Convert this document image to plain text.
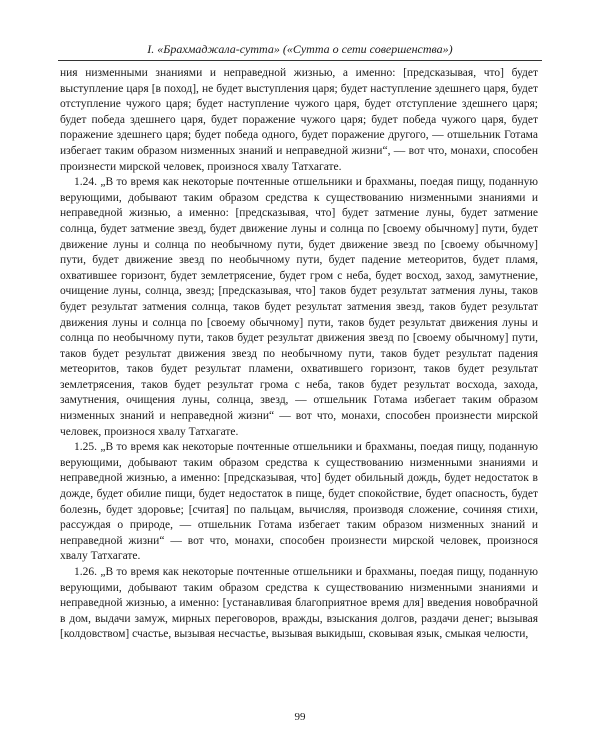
I. «Брахмаджала-сутта» («Сутта о сети совершенства»)

ния низменными знаниями и неправедной жизнью, а именно: [предсказывая, что] будет выступление царя [в поход], не будет выступления царя; будет наступление здешнего царя, будет отступление чужого царя; будет наступление чужого царя, будет отступление здешнего царя; будет победа здешнего царя, будет поражение чужого царя; будет победа чужого царя, будет поражение здешнего царя; будет победа одного, будет поражение другого, — отшельник Готама избегает таким образом низменных знаний и неправедной жизни“, — вот что, монахи, способен произнести мирской человек, произнося хвалу Татхагате.

1.24. „В то время как некоторые почтенные отшельники и брахманы, поедая пищу, поданную верующими, добывают таким образом средства к существованию низменными знаниями и неправедной жизнью, а именно: [предсказывая, что] будет затмение луны, будет затмение солнца, будет затмение звезд, будет движение луны и солнца по [своему обычному] пути, будет движение луны и солнца по необычному пути, будет движение звезд по [своему обычному] пути, будет движение звезд по необычному пути, будет падение метеоритов, будет пламя, охватившее горизонт, будет землетрясение, будет гром с неба, будет восход, заход, замутнение, очищение луны, солнца, звезд; [предсказывая, что] таков будет результат затмения луны, таков будет результат затмения солнца, таков будет результат затмения звезд, таков будет результат движения луны и солнца по [своему обычному] пути, таков будет результат движения луны и солнца по необычному пути, таков будет результат движения звезд по [своему обычному] пути, таков будет результат движения звезд по необычному пути, таков будет результат падения метеоритов, таков будет результат пламени, охватившего горизонт, таков будет результат землетрясения, таков будет результат грома с неба, таков будет результат восхода, захода, замутнения, очищения луны, солнца, звезд, — отшельник Готама избегает таким образом низменных знаний и неправедной жизни“ — вот что, монахи, способен произнести мирской человек, произнося хвалу Татхагате.

1.25. „В то время как некоторые почтенные отшельники и брахманы, поедая пищу, поданную верующими, добывают таким образом средства к существованию низменными знаниями и неправедной жизнью, а именно: [предсказывая, что] будет обильный дождь, будет недостаток в дожде, будет обилие пищи, будет недостаток в пище, будет спокойствие, будет опасность, будет болезнь, будет здоровье; [считая] по пальцам, вычисляя, производя сложение, сочиняя стихи, рассуждая о природе, — отшельник Готама избегает таким образом низменных знаний и неправедной жизни“ — вот что, монахи, способен произнести мирской человек, произнося хвалу Татхагате.

1.26. „В то время как некоторые почтенные отшельники и брахманы, поедая пищу, поданную верующими, добывают таким образом средства к существованию низменными знаниями и неправедной жизнью, а именно: [устанавливая благоприятное время для] введения новобрачной в дом, выдачи замуж, мирных переговоров, вражды, взыскания долгов, раздачи денег; вызывая [колдовством] счастье, вызывая несчастье, вызывая выкидыш, сковывая язык, смыкая челюсти,

99
